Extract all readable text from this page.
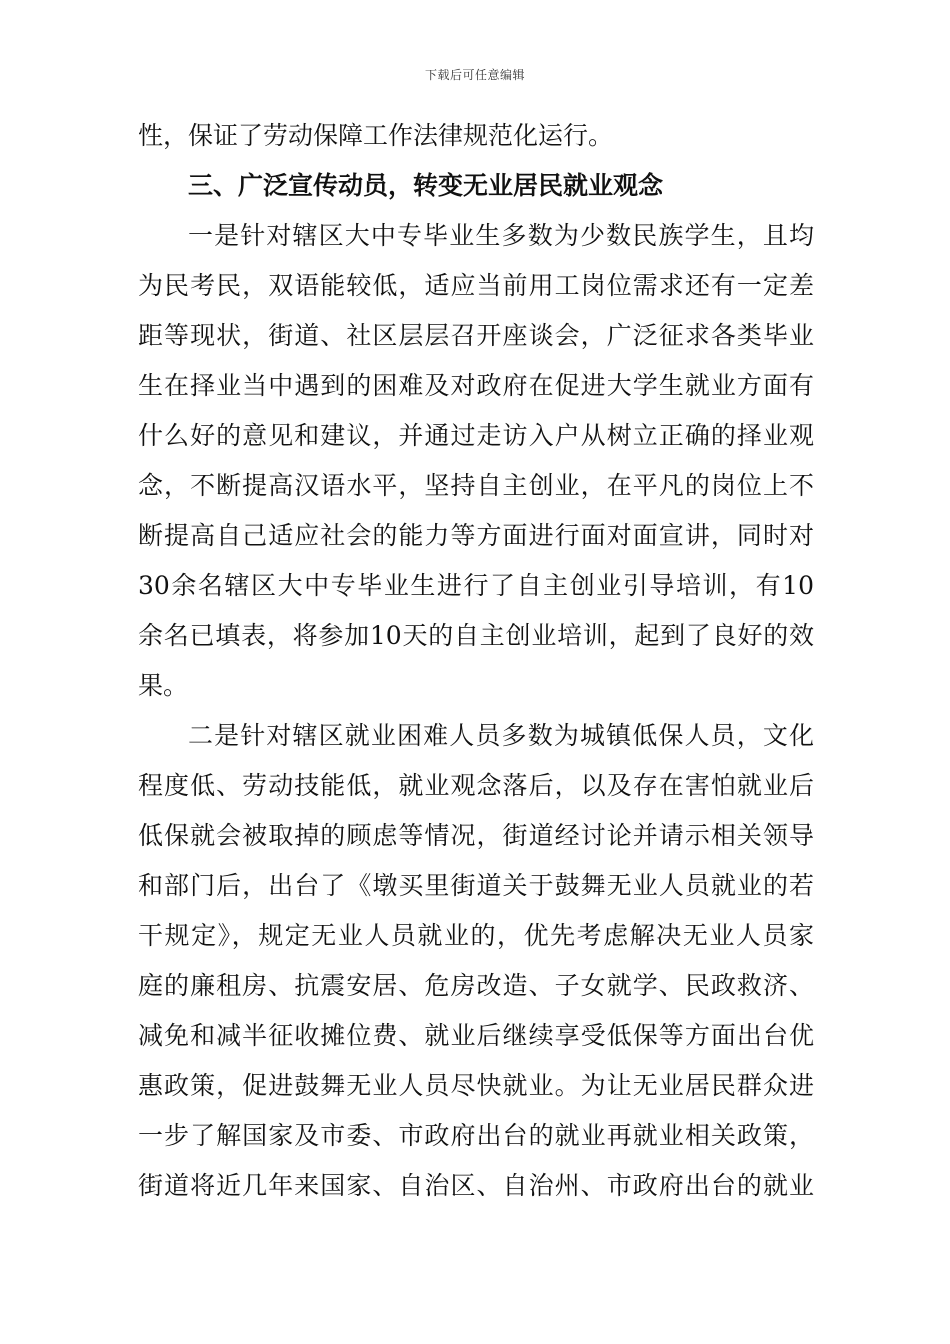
下载后可任意编辑
性，保证了劳动保障工作法律规范化运行。
三、广泛宣传动员，转变无业居民就业观念
一是针对辖区大中专毕业生多数为少数民族学生，且均
为民考民，双语能较低，适应当前用工岗位需求还有一定差
距等现状，街道、社区层层召开座谈会，广泛征求各类毕业
生在择业当中遇到的困难及对政府在促进大学生就业方面有
什么好的意见和建议，并通过走访入户从树立正确的择业观
念，不断提高汉语水平，坚持自主创业，在平凡的岗位上不
断提高自己适应社会的能力等方面进行面对面宣讲，同时对
30余名辖区大中专毕业生进行了自主创业引导培训，有10
余名已填表，将参加10天的自主创业培训，起到了良好的效
果。
二是针对辖区就业困难人员多数为城镇低保人员，文化
程度低、劳动技能低，就业观念落后，以及存在害怕就业后
低保就会被取掉的顾虑等情况，街道经讨论并请示相关领导
和部门后，出台了《墩买里街道关于鼓舞无业人员就业的若
干规定》，规定无业人员就业的，优先考虑解决无业人员家
庭的廉租房、抗震安居、危房改造、子女就学、民政救济、
减免和减半征收摊位费、就业后继续享受低保等方面出台优
惠政策，促进鼓舞无业人员尽快就业。为让无业居民群众进
一步了解国家及市委、市政府出台的就业再就业相关政策，
街道将近几年来国家、自治区、自治州、市政府出台的就业
